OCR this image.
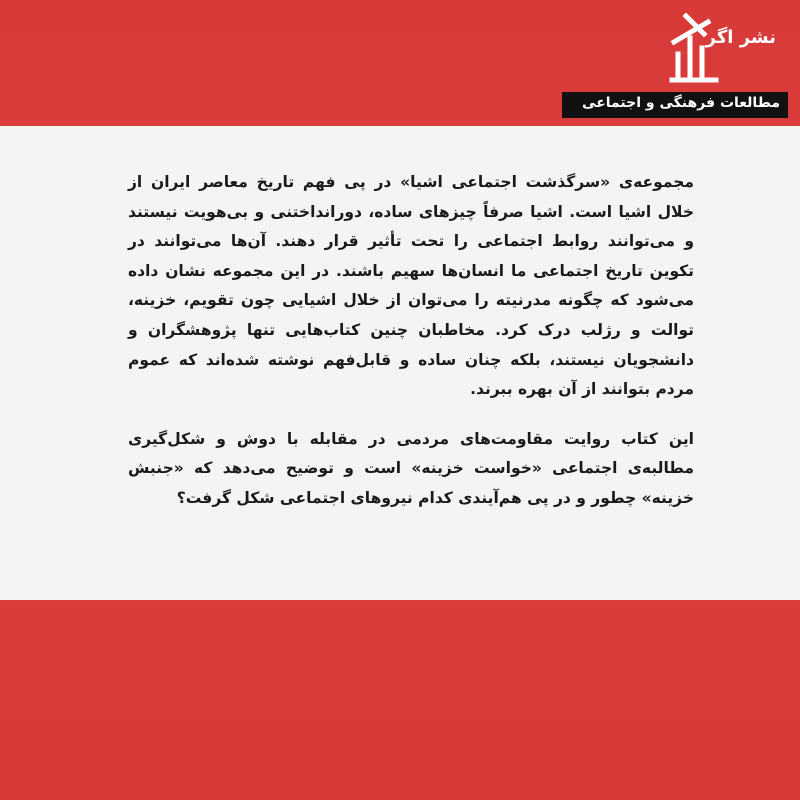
نشر اگر
مطالعات فرهنگی و اجتماعی

مجموعه‌ی «سرگذشت اجتماعی اشیا» در پی فهم تاریخ معاصر ایران از خلال اشیا است. اشیا صرفاً چیزهای ساده، دورانداختنی و بی‌هویت نیستند و می‌توانند روابط اجتماعی را تحت تأثیر قرار دهند. آن‌ها می‌توانند در تکوین تاریخ اجتماعی ما انسان‌ها سهیم باشند. در این مجموعه نشان داده می‌شود که چگونه مدرنیته را می‌توان از خلال اشیایی چون تقویم، خزینه، توالت و رژلب درک کرد. مخاطبان چنین کتاب‌هایی تنها پژوهشگران و دانشجویان نیستند، بلکه چنان ساده و قابل‌فهم نوشته شده‌اند که عموم مردم بتوانند از آن بهره ببرند.

این کتاب روایت مقاومت‌های مردمی در مقابله با دوش و شکل‌گیری مطالبه‌ی اجتماعی «خواست خزینه» است و توضیح می‌دهد که «جنبش خزینه» چطور و در پی هم‌آیندی کدام نیروهای اجتماعی شکل گرفت؟
